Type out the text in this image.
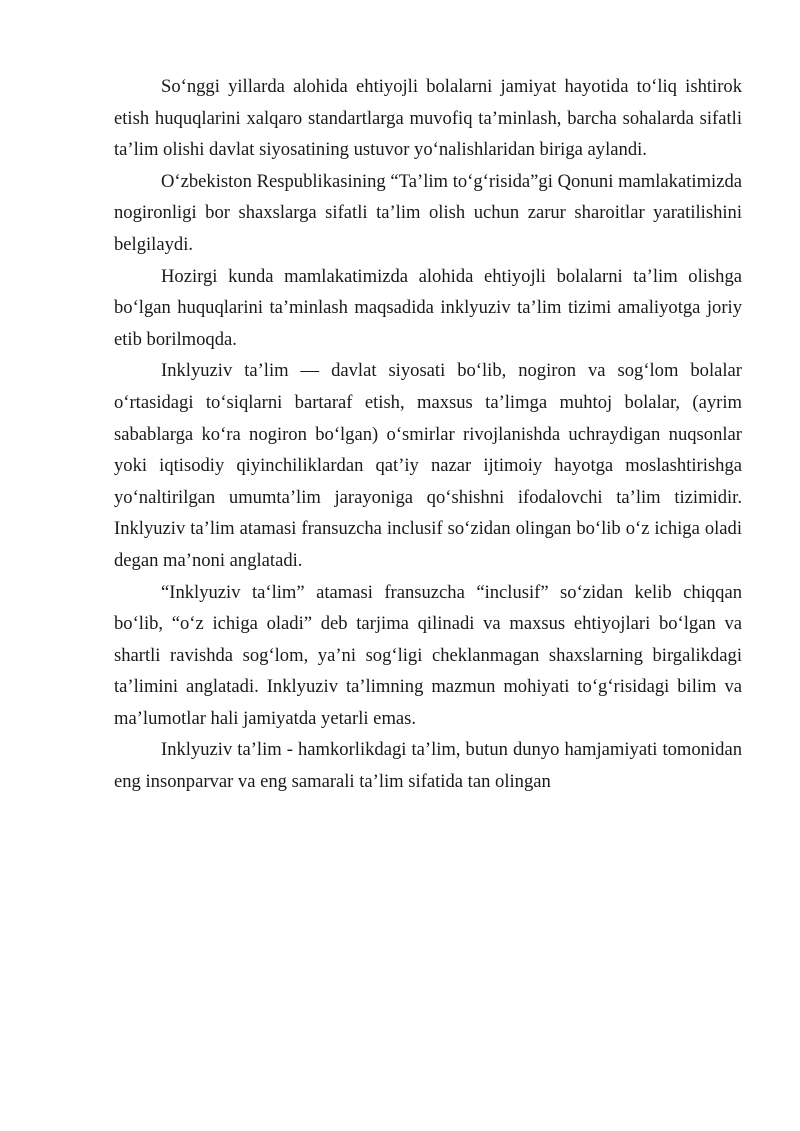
So‘nggi yillarda alohida ehtiyojli bolalarni jamiyat hayotida to‘liq ishtirok etish huquqlarini xalqaro standartlarga muvofiq ta’minlash, barcha sohalarda sifatli ta’lim olishi davlat siyosatining ustuvor yo‘nalishlaridan biriga aylandi.

O‘zbekiston Respublikasining “Ta’lim to‘g‘risida”gi Qonuni mamlakatimizda nogironligi bor shaxslarga sifatli ta’lim olish uchun zarur sharoitlar yaratilishini belgilaydi.

Hozirgi kunda mamlakatimizda alohida ehtiyojli bolalarni ta’lim olishga bo‘lgan huquqlarini ta’minlash maqsadida inklyuziv ta’lim tizimi amaliyotga joriy etib borilmoqda.

Inklyuziv ta’lim — davlat siyosati bo‘lib, nogiron va sog‘lom bolalar o‘rtasidagi to‘siqlarni bartaraf etish, maxsus ta’limga muhtoj bolalar, (ayrim sabablarga ko‘ra nogiron bo‘lgan) o‘smirlar rivojlanishda uchraydigan nuqsonlar yoki iqtisodiy qiyinchiliklardan qat’iy nazar ijtimoiy hayotga moslashtirishga yo‘naltirilgan umumta’lim jarayoniga qo‘shishni ifodalovchi ta’lim tizimidir. Inklyuziv ta’lim atamasi fransuzcha inclusif so‘zidan olingan bo‘lib o‘z ichiga oladi degan ma’noni anglatadi.

“Inklyuziv ta‘lim” atamasi fransuzcha “inclusif” so‘zidan kelib chiqqan bo‘lib, “o‘z ichiga oladi” deb tarjima qilinadi va maxsus ehtiyojlari bo‘lgan va shartli ravishda sog‘lom, ya’ni sog‘ligi cheklanmagan shaxslarning birgalikdagi ta’limini anglatadi. Inklyuziv ta’limning mazmun mohiyati to‘g‘risidagi bilim va ma’lumotlar hali jamiyatda yetarli emas.

Inklyuziv ta’lim - hamkorlikdagi ta’lim, butun dunyo hamjamiyati tomonidan eng insonparvar va eng samarali ta’lim sifatida tan olingan
